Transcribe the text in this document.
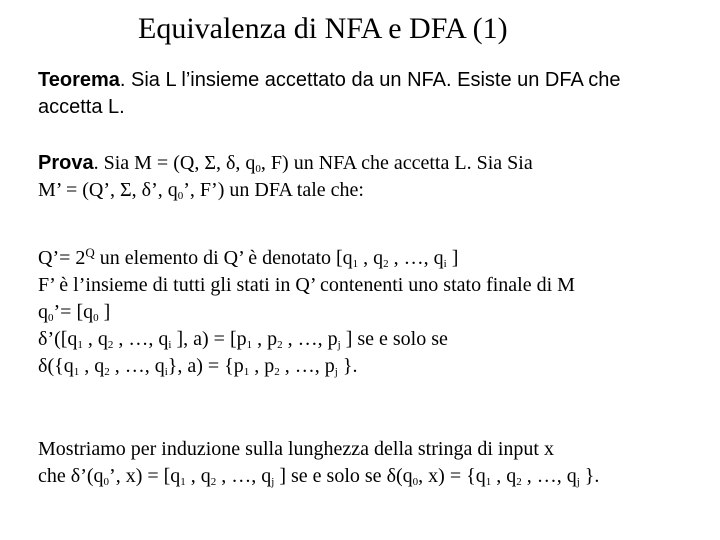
Equivalenza di NFA e DFA (1)
Teorema. Sia L l’insieme accettato da un NFA. Esiste un DFA che
accetta L.
Prova. Sia M = (Q, Σ, δ, $q_0$, F) un NFA che accetta L. Sia Sia
M’ = (Q’, Σ, δ’, $q_0$’, F’) un DFA tale che:
Q’= $2^Q$ un elemento di Q’ è denotato [$q_1$ , $q_2$ , …, $q_i$ ]
F’ è l’insieme di tutti gli stati in Q’ contenenti uno stato finale di M
$q_0’= [q_0$ ]
$\delta’([q_1$ , $q_2$ , …, $q_i$ ], $a) = [p_1$ , $p_2$ , …, $p_j$ ] se e solo se
$\delta(\{q_1$ , $q_2$ , …, $q_i$}, $a) = \{p_1$ , $p_2$ , …, $p_j$ }.
Mostriamo per induzione sulla lunghezza della stringa di input x
che $\delta’(q_0$’, $x) = [q_1$ , $q_2$ , …, $q_j$ ] se e solo se $\delta(q_0$, $x) = \{q_1$ , $q_2$ , …, $q_j$ }.
